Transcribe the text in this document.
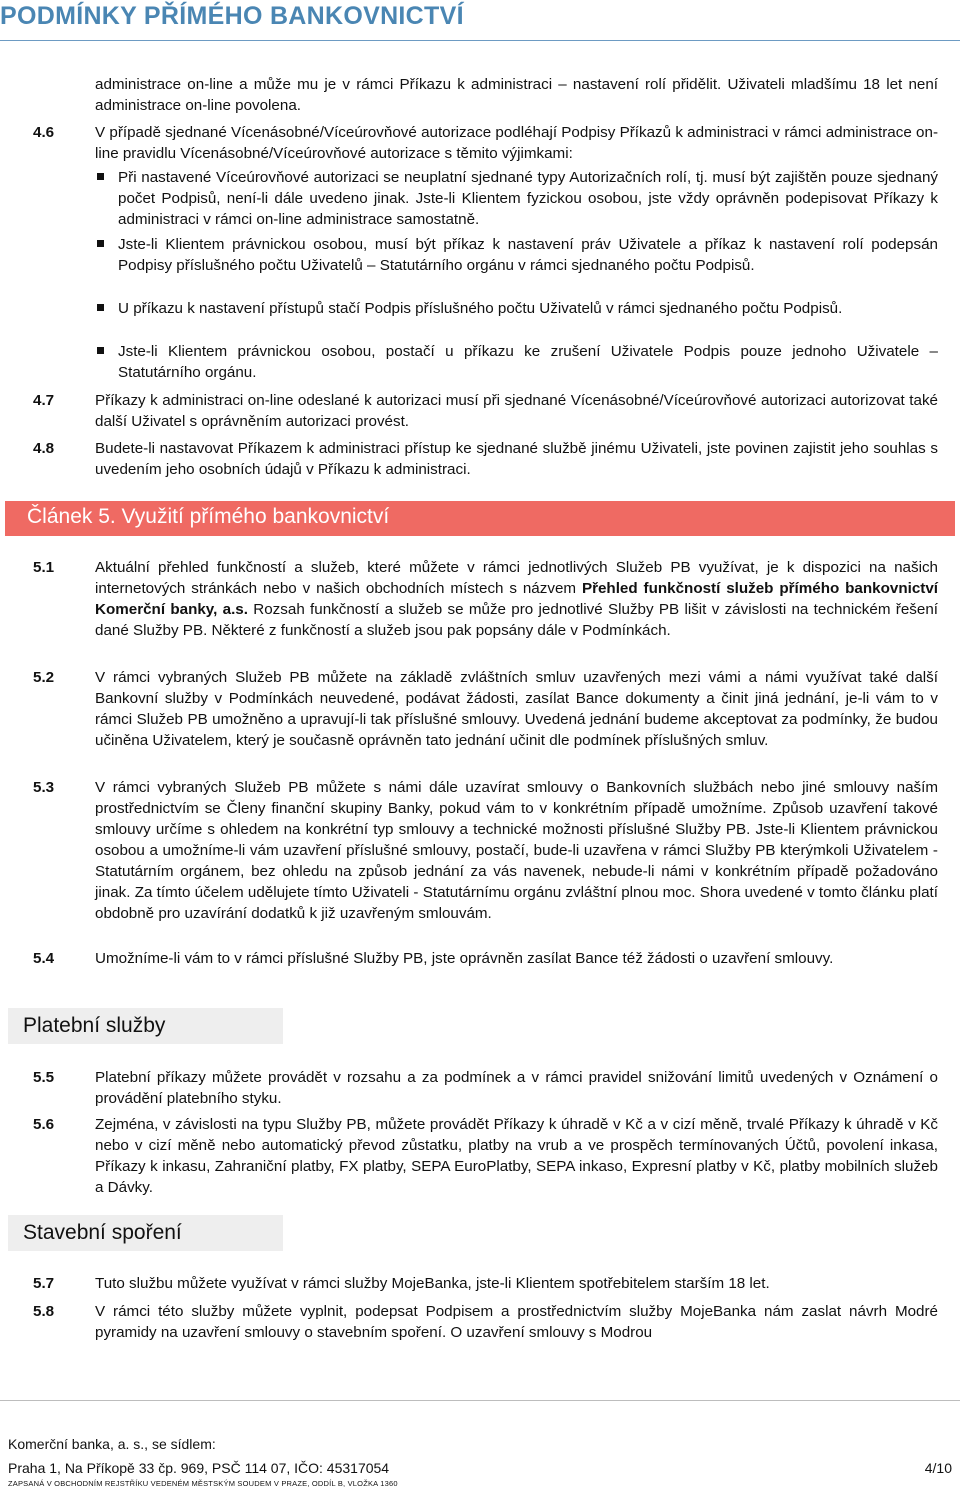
PODMÍNKY PŘÍMÉHO BANKOVNICTVÍ
administrace on-line a může mu je v rámci Příkazu k administraci – nastavení rolí přidělit. Uživateli mladšímu 18 let není administrace on-line povolena.
4.6	V případě sjednané Vícenásobné/Víceúrovňové autorizace podléhají Podpisy Příkazů k administraci v rámci administrace on-line pravidlu Vícenásobné/Víceúrovňové autorizace s těmito výjimkami:
Při nastavené Víceúrovňové autorizaci se neuplatní sjednané typy Autorizačních rolí, tj. musí být zajištěn pouze sjednaný počet Podpisů, není-li dále uvedeno jinak. Jste-li Klientem fyzickou osobou, jste vždy oprávněn podepisovat Příkazy k administraci v rámci on-line administrace samostatně.
Jste-li Klientem právnickou osobou, musí být příkaz k nastavení práv Uživatele a příkaz k nastavení rolí podepsán Podpisy příslušného počtu Uživatelů – Statutárního orgánu v rámci sjednaného počtu Podpisů.
U příkazu k nastavení přístupů stačí Podpis příslušného počtu Uživatelů v rámci sjednaného počtu Podpisů.
Jste-li Klientem právnickou osobou, postačí u příkazu ke zrušení Uživatele Podpis pouze jednoho Uživatele – Statutárního orgánu.
4.7	Příkazy k administraci on-line odeslané k autorizaci musí při sjednané Vícenásobné/Víceúrovňové autorizaci autorizovat také další Uživatel s oprávněním autorizaci provést.
4.8	Budete-li nastavovat Příkazem k administraci přístup ke sjednané službě jinému Uživateli, jste povinen zajistit jeho souhlas s uvedením jeho osobních údajů v Příkazu k administraci.
Článek 5. Využití přímého bankovnictví
5.1	Aktuální přehled funkčností a služeb, které můžete v rámci jednotlivých Služeb PB využívat, je k dispozici na našich internetových stránkách nebo v našich obchodních místech s názvem Přehled funkčností služeb přímého bankovnictví Komerční banky, a.s. Rozsah funkčností a služeb se může pro jednotlivé Služby PB lišit v závislosti na technickém řešení dané Služby PB. Některé z funkčností a služeb jsou pak popsány dále v Podmínkách.
5.2	V rámci vybraných Služeb PB můžete na základě zvláštních smluv uzavřených mezi vámi a námi využívat také další Bankovní služby v Podmínkách neuvedené, podávat žádosti, zasílat Bance dokumenty a činit jiná jednání, je-li vám to v rámci Služeb PB umožněno a upravují-li tak příslušné smlouvy. Uvedená jednání budeme akceptovat za podmínky, že budou učiněna Uživatelem, který je současně oprávněn tato jednání učinit dle podmínek příslušných smluv.
5.3	V rámci vybraných Služeb PB můžete s námi dále uzavírat smlouvy o Bankovních službách nebo jiné smlouvy naším prostřednictvím se Členy finanční skupiny Banky, pokud vám to v konkrétním případě umožníme. Způsob uzavření takové smlouvy určíme s ohledem na konkrétní typ smlouvy a technické možnosti příslušné Služby PB. Jste-li Klientem právnickou osobou a umožníme-li vám uzavření příslušné smlouvy, postačí, bude-li uzavřena v rámci Služby PB kterýmkoli Uživatelem - Statutárním orgánem, bez ohledu na způsob jednání za vás navenek, nebude-li námi v konkrétním případě požadováno jinak. Za tímto účelem udělujete tímto Uživateli - Statutárnímu orgánu zvláštní plnou moc. Shora uvedené v tomto článku platí obdobně pro uzavírání dodatků k již uzavřeným smlouvám.
5.4	Umožníme-li vám to v rámci příslušné Služby PB, jste oprávněn zasílat Bance též žádosti o uzavření smlouvy.
Platební služby
5.5	Platební příkazy můžete provádět v rozsahu a za podmínek a v rámci pravidel snižování limitů uvedených v Oznámení o provádění platebního styku.
5.6	Zejména, v závislosti na typu Služby PB, můžete provádět Příkazy k úhradě v Kč a v cizí měně, trvalé Příkazy k úhradě v Kč nebo v cizí měně nebo automatický převod zůstatku, platby na vrub a ve prospěch termínovaných Účtů, povolení inkasa, Příkazy k inkasu, Zahraniční platby, FX platby, SEPA EuroPlatby, SEPA inkaso, Expresní platby v Kč, platby mobilních služeb a Dávky.
Stavební spoření
5.7	Tuto službu můžete využívat v rámci služby MojeBanka, jste-li Klientem spotřebitelem starším 18 let.
5.8	V rámci této služby můžete vyplnit, podepsat Podpisem a prostřednictvím služby MojeBanka nám zaslat návrh Modré pyramidy na uzavření smlouvy o stavebním spoření. O uzavření smlouvy s Modrou
Komerční banka, a. s., se sídlem:
Praha 1, Na Příkopě 33 čp. 969, PSČ 114 07, IČO: 45317054
ZAPSANÁ V OBCHODNÍM REJSTŘÍKU VEDENÉM MĚSTSKÝM SOUDEM V PRAZE, ODDÍL B, VLOŽKA 1360
4/10
